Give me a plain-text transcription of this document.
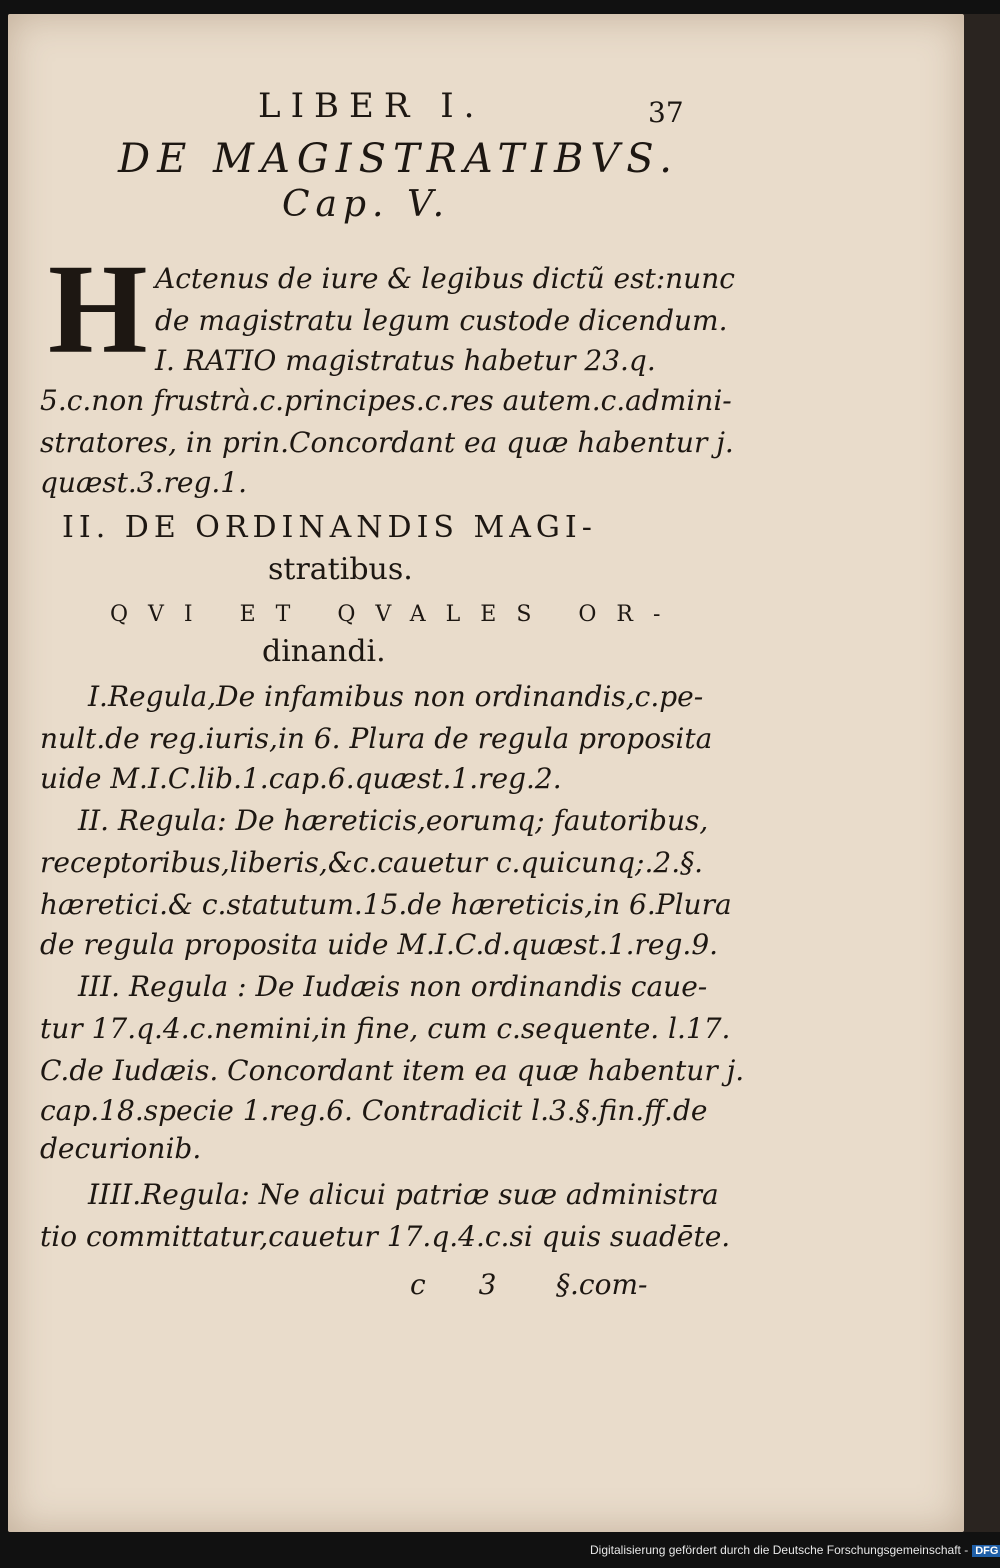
LIBER I.	37
DE MAGISTRATIBVS.
Cap. V.
H Actenus de iure & legibus dictũ est:nunc
de magistratu legum custode dicendum.
I. RATIO magistratus habetur 23.q.
5.c.non frustrà.c.principes.c.res autem.c.admini-
stratores, in prin.Concordant ea quæ habentur j.
quæst.3.reg.1.
II. DE ORDINANDIS MAGI-
stratibus.
QVI ET QVALES OR-
dinandi.
I.Regula,De infamibus non ordinandis,c.pe-
nult.de reg.iuris,in 6. Plura de regula proposita
uide M.I.C.lib.1.cap.6.quæst.1.reg.2.
II. Regula: De hæreticis,eorumq; fautoribus,
receptoribus,liberis,&c.cauetur c.quicunq;.2.§.
hæretici.& c.statutum.15.de hæreticis,in 6.Plura
de regula proposita uide M.I.C.d.quæst.1.reg.9.
III. Regula : De Iudæis non ordinandis caue-
tur 17.q.4.c.nemini,in fine, cum c.sequente. l.17.
C.de Iudæis. Concordant item ea quæ habentur j.
cap.18.specie 1.reg.6. Contradicit l.3.§.fin.ff.de
decurionib.
IIII.Regula: Ne alicui patriæ suæ administra
tio committatur,cauetur 17.q.4.c.si quis suadēte.
c 3 §.com-
Digitalisierung gefördert durch die Deutsche Forschungsgemeinschaft - DFG
